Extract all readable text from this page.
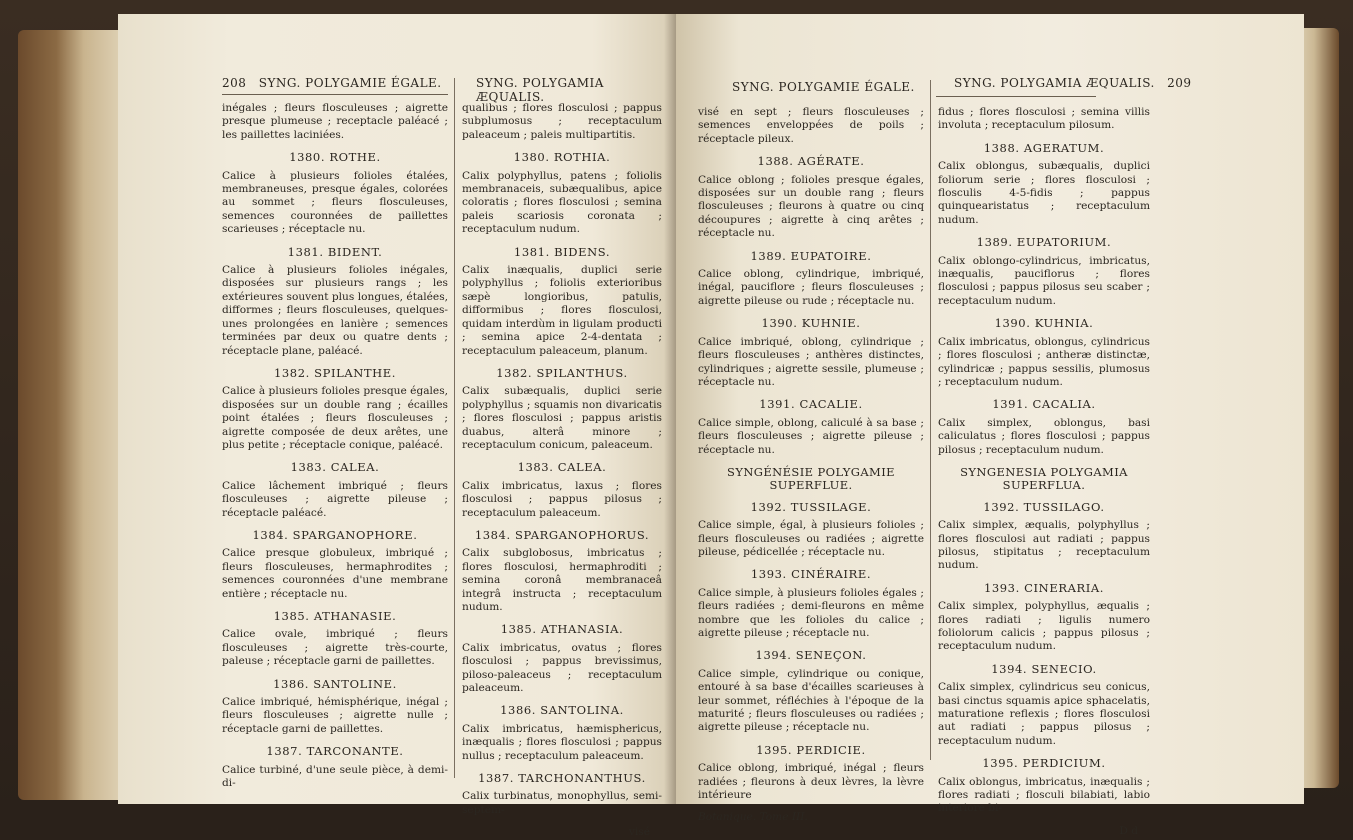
208 SYNG. POLYGAMIE ÉGALE.	SYNG. POLYGAMIA ÆQUALIS.

inégales ; fleurs flosculeuses ; aigrette presque plumeuse ; receptacle paléacé ; les paillettes laciniées.

1380. ROTHE.

Calice à plusieurs folioles étalées, membraneuses, presque égales, colorées au sommet ; fleurs flosculeuses, semences couronnées de paillettes scarieuses ; réceptacle nu.

1381. BIDENT.

Calice à plusieurs folioles inégales, disposées sur plusieurs rangs ; les extérieures souvent plus longues, étalées, difformes ; fleurs flosculeuses, quelques-unes prolongées en lanière ; semences terminées par deux ou quatre dents ; réceptacle plane, paléacé.

1382. SPILANTHE.

Calice à plusieurs folioles presque égales, disposées sur un double rang ; écailles point étalées ; fleurs flosculeuses ; aigrette composée de deux arêtes, une plus petite ; réceptacle conique, paléacé.

1383. CALEA.

Calice lâchement imbriqué ; fleurs flosculeuses ; aigrette pileuse ; réceptacle paléacé.

1384. SPARGANOPHORE.

Calice presque globuleux, imbriqué ; fleurs flosculeuses, hermaphrodites ; semences couronnées d'une membrane entière ; réceptacle nu.

1385. ATHANASIE.

Calice ovale, imbriqué ; fleurs flosculeuses ; aigrette très-courte, paleuse ; réceptacle garni de paillettes.

1386. SANTOLINE.

Calice imbriqué, hémisphérique, inégal ; fleurs flosculeuses ; aigrette nulle ; réceptacle garni de paillettes.

1387. TARCONANTE.

Calice turbiné, d'une seule pièce, à demi-di-

qualibus ; flores flosculosi ; pappus subplumosus ; receptaculum paleaceum ; paleis multipartitis.

1380. ROTHIA.

Calix polyphyllus, patens ; foliolis membranaceis, subæqualibus, apice coloratis ; flores flosculosi ; semina paleis scariosis coronata ; receptaculum nudum.

1381. BIDENS.

Calix inæqualis, duplici serie polyphyllus ; foliolis exterioribus sæpè longioribus, patulis, difformibus ; flores flosculosi, quidam interdùm in ligulam producti ; semina apice 2-4-dentata ; receptaculum paleaceum, planum.

1382. SPILANTHUS.

Calix subæqualis, duplici serie polyphyllus ; squamis non divaricatis ; flores flosculosi ; pappus aristis duabus, alterâ minore ; receptaculum conicum, paleaceum.

1383. CALEA.

Calix imbricatus, laxus ; flores flosculosi ; pappus pilosus ; receptaculum paleaceum.

1384. SPARGANOPHORUS.

Calix subglobosus, imbricatus ; flores flosculosi, hermaphroditi ; semina coronâ membranaceâ integrâ instructa ; receptaculum nudum.

1385. ATHANASIA.

Calix imbricatus, ovatus ; flores flosculosi ; pappus brevissimus, piloso-paleaceus ; receptaculum paleaceum.

1386. SANTOLINA.

Calix imbricatus, hæmisphericus, inæqualis ; flores flosculosi ; pappus nullus ; receptaculum paleaceum.

1387. TARCHONANTHUS.

Calix turbinatus, monophyllus, semi-septem-

visé
SYNG. POLYGAMIE ÉGALE.	SYNG. POLYGAMIA ÆQUALIS. 209

visé en sept ; fleurs flosculeuses ; semences enveloppées de poils ; réceptacle pileux.

1388. AGÉRATE.

Calice oblong ; folioles presque égales, disposées sur un double rang ; fleurs flosculeuses ; fleurons à quatre ou cinq découpures ; aigrette à cinq arêtes ; réceptacle nu.

1389. EUPATOIRE.

Calice oblong, cylindrique, imbriqué, inégal, pauciflore ; fleurs flosculeuses ; aigrette pileuse ou rude ; réceptacle nu.

1390. KUHNIE.

Calice imbriqué, oblong, cylindrique ; fleurs flosculeuses ; anthères distinctes, cylindriques ; aigrette sessile, plumeuse ; réceptacle nu.

1391. CACALIE.

Calice simple, oblong, caliculé à sa base ; fleurs flosculeuses ; aigrette pileuse ; réceptacle nu.

SYNGÉNÉSIE POLYGAMIE SUPERFLUE.
1392. TUSSILAGE.

Calice simple, égal, à plusieurs folioles ; fleurs flosculeuses ou radiées ; aigrette pileuse, pédicellée ; réceptacle nu.

1393. CINÉRAIRE.

Calice simple, à plusieurs folioles égales ; fleurs radiées ; demi-fleurons en même nombre que les folioles du calice ; aigrette pileuse ; réceptacle nu.

1394. SENEÇON.

Calice simple, cylindrique ou conique, entouré à sa base d'écailles scarieuses à leur sommet, réfléchies à l'époque de la maturité ; fleurs flosculeuses ou radiées ; aigrette pileuse ; réceptacle nu.

1395. PERDICIE.

Calice oblong, imbriqué, inégal ; fleurs radiées ; fleurons à deux lèvres, la lèvre intérieure

Botanique. Tome III.

fidus ; flores flosculosi ; semina villis involuta ; receptaculum pilosum.

1388. AGERATUM.

Calix oblongus, subæqualis, duplici foliorum serie ; flores flosculosi ; flosculis 4-5-fidis ; pappus quinquearistatus ; receptaculum nudum.

1389. EUPATORIUM.

Calix oblongo-cylindricus, imbricatus, inæqualis, pauciflorus ; flores flosculosi ; pappus pilosus seu scaber ; receptaculum nudum.

1390. KUHNIA.

Calix imbricatus, oblongus, cylindricus ; flores flosculosi ; antheræ distinctæ, cylindricæ ; pappus sessilis, plumosus ; receptaculum nudum.

1391. CACALIA.

Calix simplex, oblongus, basi caliculatus ; flores flosculosi ; pappus pilosus ; receptaculum nudum.

SYNGENESIA POLYGAMIA SUPERFLUA.
1392. TUSSILAGO.

Calix simplex, æqualis, polyphyllus ; flores flosculosi aut radiati ; pappus pilosus, stipitatus ; receptaculum nudum.

1393. CINERARIA.

Calix simplex, polyphyllus, æqualis ; flores radiati ; ligulis numero foliolorum calicis ; pappus pilosus ; receptaculum nudum.

1394. SENECIO.

Calix simplex, cylindricus seu conicus, basi cinctus squamis apice sphacelatis, maturatione reflexis ; flores flosculosi aut radiati ; pappus pilosus ; receptaculum nudum.

1395. PERDICIUM.

Calix oblongus, imbricatus, inæqualis ; flores radiati ; flosculi bilabiati, labio interiore bi-

D d
